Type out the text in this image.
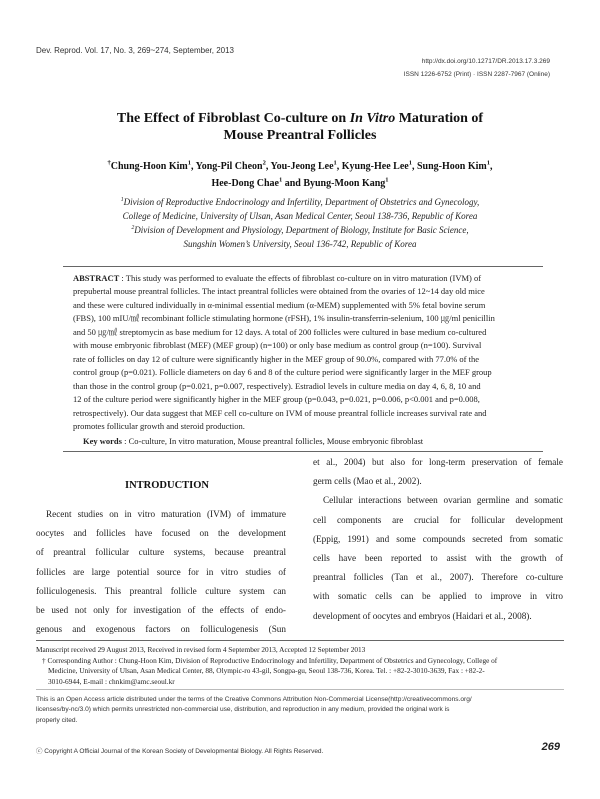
Dev. Reprod. Vol. 17, No. 3, 269~274, September, 2013
http://dx.doi.org/10.12717/DR.2013.17.3.269
ISSN 1226-6752 (Print) · ISSN 2287-7967 (Online)
The Effect of Fibroblast Co-culture on In Vitro Maturation of
Mouse Preantral Follicles
†Chung-Hoon Kim$^1$, Yong-Pil Cheon$^2$, You-Jeong Lee$^1$, Kyung-Hee Lee$^1$, Sung-Hoon Kim$^1$,
Hee-Dong Chae$^1$ and Byung-Moon Kang$^1$
$^1$Division of Reproductive Endocrinology and Infertility, Department of Obstetrics and Gynecology,
College of Medicine, University of Ulsan, Asan Medical Center, Seoul 138-736, Republic of Korea
$^2$Division of Development and Physiology, Department of Biology, Institute for Basic Science,
Sungshin Women’s University, Seoul 136-742, Republic of Korea

ABSTRACT : This study was performed to evaluate the effects of fibroblast co-culture on in vitro maturation (IVM) of
prepubertal mouse preantral follicles. The intact preantral follicles were obtained from the ovaries of 12~14 day old mice
and these were cultured individually in α-minimal essential medium (α-MEM) supplemented with 5% fetal bovine serum
(FBS), 100 mIU/㎖ recombinant follicle stimulating hormone (rFSH), 1% insulin-transferrin-selenium, 100 ㎍/ml penicillin
and 50 ㎍/㎖ streptomycin as base medium for 12 days. A total of 200 follicles were cultured in base medium co-cultured
with mouse embryonic fibroblast (MEF) (MEF group) (n=100) or only base medium as control group (n=100). Survival
rate of follicles on day 12 of culture were significantly higher in the MEF group of 90.0%, compared with 77.0% of the
control group (p=0.021). Follicle diameters on day 6 and 8 of the culture period were significantly larger in the MEF group
than those in the control group (p=0.021, p=0.007, respectively). Estradiol levels in culture media on day 4, 6, 8, 10 and
12 of the culture period were significantly higher in the MEF group (p=0.043, p=0.021, p=0.006, p<0.001 and p=0.008,
retrospectively). Our data suggest that MEF cell co-culture on IVM of mouse preantral follicle increases survival rate and
promotes follicular growth and steroid production.

Key words : Co-culture, In vitro maturation, Mouse preantral follicles, Mouse embryonic fibroblast

INTRODUCTION
Recent studies on in vitro maturation (IVM) of immature
oocytes and follicles have focused on the development
of preantral follicular culture systems, because preantral
follicles are large potential source for in vitro studies of
folliculogenesis. This preantral follicle culture system can
be used not only for investigation of the effects of endo-
genous and exogenous factors on folliculogenesis (Sun
et al., 2004) but also for long-term preservation of female
germ cells (Mao et al., 2002).
Cellular interactions between ovarian germline and somatic
cell components are crucial for follicular development
(Eppig, 1991) and some compounds secreted from somatic
cells have been reported to assist with the growth of
preantral follicles (Tan et al., 2007). Therefore co-culture
with somatic cells can be applied to improve in vitro
development of oocytes and embryos (Haidari et al., 2008).
Manuscript received 29 August 2013, Received in revised form 4 September 2013, Accepted 12 September 2013
† Corresponding Author : Chung-Hoon Kim, Division of Reproductive Endocrinology and Infertility, Department of Obstetrics and Gynecology, College of
Medicine, University of Ulsan, Asan Medical Center, 88, Olympic-ro 43-gil, Songpa-gu, Seoul 138-736, Korea. Tel. : +82-2-3010-3639, Fax : +82-2-
3010-6944, E-mail : chnkim@amc.seoul.kr
This is an Open Access article distributed under the terms of the Creative Commons Attribution Non-Commercial License(http://creativecommons.org/
licenses/by-nc/3.0) which permits unrestricted non-commercial use, distribution, and reproduction in any medium, provided the original work is
properly cited.
ⓒ Copyright A Official Journal of the Korean Society of Developmental Biology. All Rights Reserved.	269
